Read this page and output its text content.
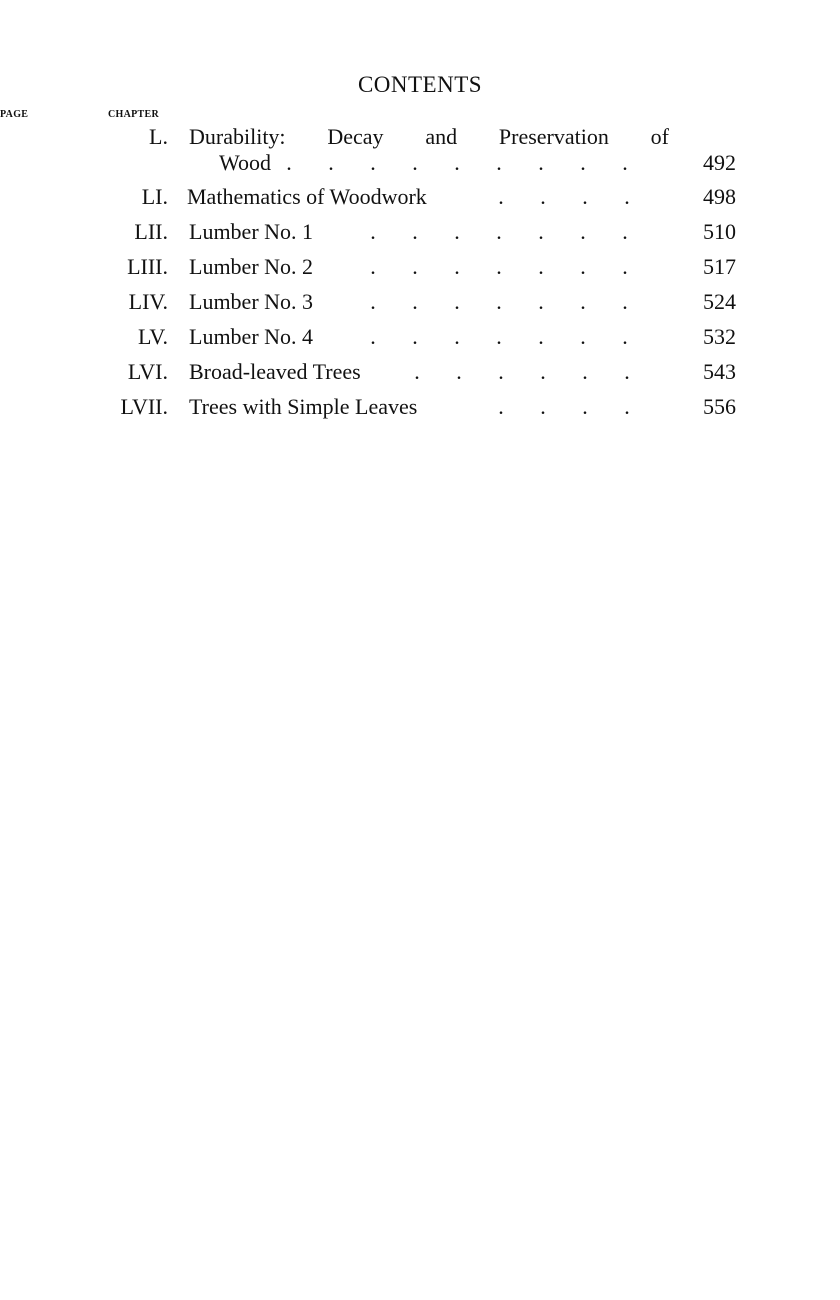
CONTENTS
CHAPTER
PAGE
L. Durability: Decay and Preservation of
Wood . . . . . . . . .	492
LI. Mathematics of Woodwork	. . . .	498
LII. Lumber No. 1	. . . . . . .	510
LIII. Lumber No. 2	. . . . . . .	517
LIV. Lumber No. 3	. . . . . . .	524
LV. Lumber No. 4	. . . . . . .	532
LVI. Broad-leaved Trees	. . . . . .	543
LVII. Trees with Simple Leaves	. . . .	556
